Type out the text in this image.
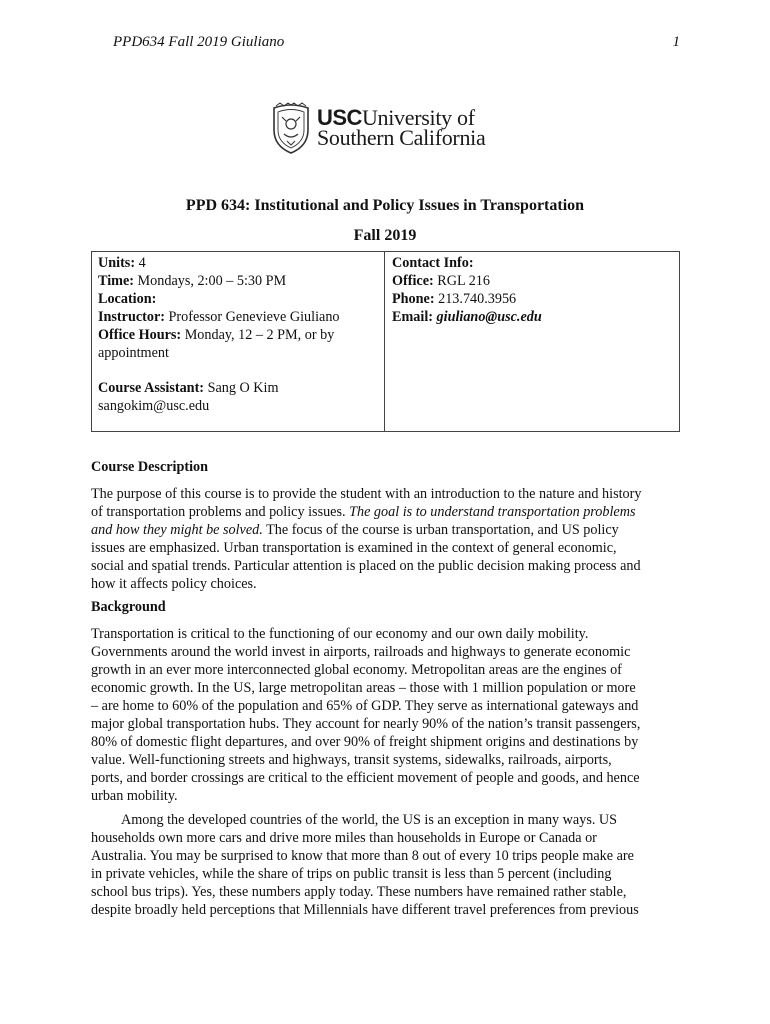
PPD634 Fall 2019 Giuliano	1
USCUniversity of
Southern California
PPD 634: Institutional and Policy Issues in Transportation
Fall 2019
Units: 4
Time: Mondays, 2:00 – 5:30 PM
Location:
Instructor: Professor Genevieve Giuliano
Office Hours: Monday, 12 – 2 PM, or by
appointment
Course Assistant: Sang O Kim
sangokim@usc.edu
Contact Info:
Office: RGL 216
Phone: 213.740.3956
Email: giuliano@usc.edu
Course Description
The purpose of this course is to provide the student with an introduction to the nature and history
of transportation problems and policy issues. The goal is to understand transportation problems
and how they might be solved. The focus of the course is urban transportation, and US policy
issues are emphasized. Urban transportation is examined in the context of general economic,
social and spatial trends. Particular attention is placed on the public decision making process and
how it affects policy choices.
Background
Transportation is critical to the functioning of our economy and our own daily mobility.
Governments around the world invest in airports, railroads and highways to generate economic
growth in an ever more interconnected global economy. Metropolitan areas are the engines of
economic growth. In the US, large metropolitan areas – those with 1 million population or more
– are home to 60% of the population and 65% of GDP. They serve as international gateways and
major global transportation hubs. They account for nearly 90% of the nation’s transit passengers,
80% of domestic flight departures, and over 90% of freight shipment origins and destinations by
value. Well-functioning streets and highways, transit systems, sidewalks, railroads, airports,
ports, and border crossings are critical to the efficient movement of people and goods, and hence
urban mobility.
Among the developed countries of the world, the US is an exception in many ways. US
households own more cars and drive more miles than households in Europe or Canada or
Australia. You may be surprised to know that more than 8 out of every 10 trips people make are
in private vehicles, while the share of trips on public transit is less than 5 percent (including
school bus trips). Yes, these numbers apply today. These numbers have remained rather stable,
despite broadly held perceptions that Millennials have different travel preferences from previous
